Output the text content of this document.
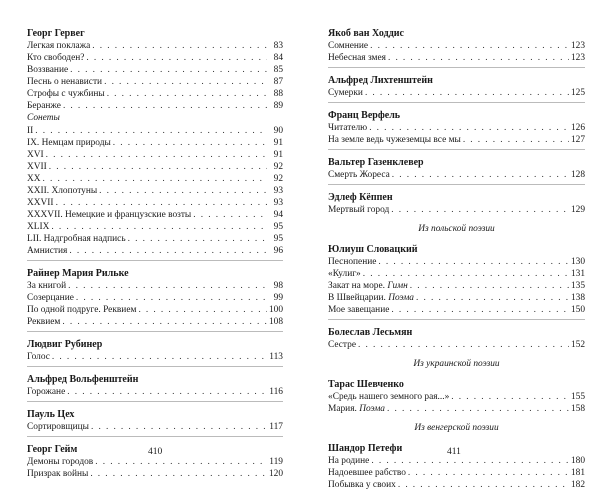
Георг Гервег
Легкая поклажа . . .	83
Кто свободен? . . .	84
Воззвание . . .	85
Песнь о ненависти . . .	87
Строфы с чужбины . . .	88
Беранже . . .	89
Сонеты
II . . .	90
IX. Немцам природы . . .	91
XVI . . .	91
XVII . . .	92
XX . . .	92
XXII. Хлопотуны . . .	93
XXVII . . .	93
XXXVII. Немецкие и французские возты . . .	94
XLIX . . .	95
LII. Надгробная надпись . . .	95
Амнистия . . .	96
Райнер Мария Рильке
За книгой . . .	98
Созерцание . . .	99
По одной подруге. Реквием . . .	100
Реквием . . .	108
Людвиг Рубинер
Голос . . .	113
Альфред Вольфенштейн
Горожане . . .	116
Пауль Цех
Сортировщицы . . .	117
Георг Гейм
Демоны городов . . .	119
Призрак войны . . .	120
Якоб ван Ходдис
Сомнение . . .	123
Небесная змея . . .	123
Альфред Лихтенштейн
Сумерки . . .	125
Франц Верфель
Читателю . . .	126
На земле ведь чужеземцы все мы . . .	127
Вальтер Газенклевер
Смерть Жореса . . .	128
Эдлеф Кёппен
Мертвый город . . .	129
Из польской поэзии
Юлиуш Словацкий
Песнопение . . .	130
«Кулиг» . . .	131
Закат на море. Гимн . . .	135
В Швейцарии. Поэма . . .	138
Мое завещание . . .	150
Болеслав Лесьмян
Сестре . . .	152
Из украинской поэзии
Тарас Шевченко
«Средь нашего земного рая...» . . .	155
Мария. Поэма . . .	158
Из венгерской поэзии
Шандор Петефи
На родине . . .	180
Надоевшее рабство . . .	181
Побывка у своих . . .	182
410	411
